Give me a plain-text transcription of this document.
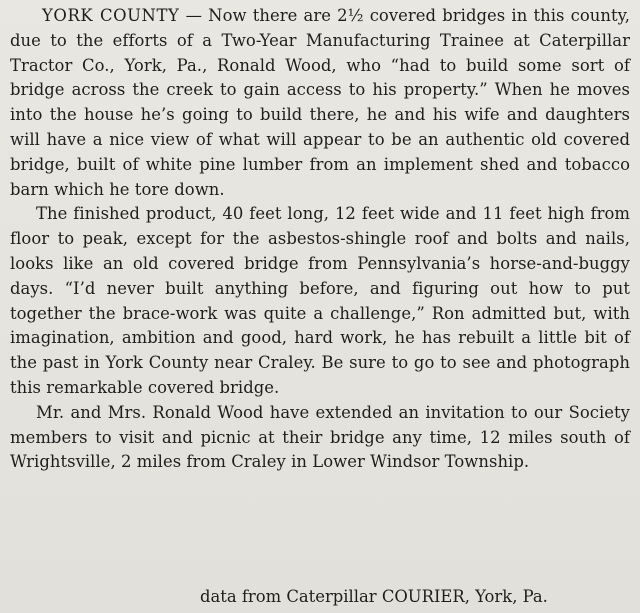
YORK COUNTY — Now there are 2½ covered bridges in this county, due to the efforts of a Two-Year Manufacturing Trainee at Caterpillar Tractor Co., York, Pa., Ronald Wood, who “had to build some sort of bridge across the creek to gain access to his property.” When he moves into the house he’s going to build there, he and his wife and daughters will have a nice view of what will appear to be an authentic old covered bridge, built of white pine lumber from an implement shed and tobacco barn which he tore down.

The finished product, 40 feet long, 12 feet wide and 11 feet high from floor to peak, except for the asbestos-shingle roof and bolts and nails, looks like an old covered bridge from Pennsylvania’s horse-and-buggy days. “I’d never built anything before, and figuring out how to put together the brace-work was quite a challenge,” Ron admitted but, with imagination, ambition and good, hard work, he has rebuilt a little bit of the past in York County near Craley. Be sure to go to see and photograph this remarkable covered bridge.

Mr. and Mrs. Ronald Wood have extended an invitation to our Society members to visit and picnic at their bridge any time, 12 miles south of Wrightsville, 2 miles from Craley in Lower Windsor Township.

data from Caterpillar COURIER, York, Pa.
